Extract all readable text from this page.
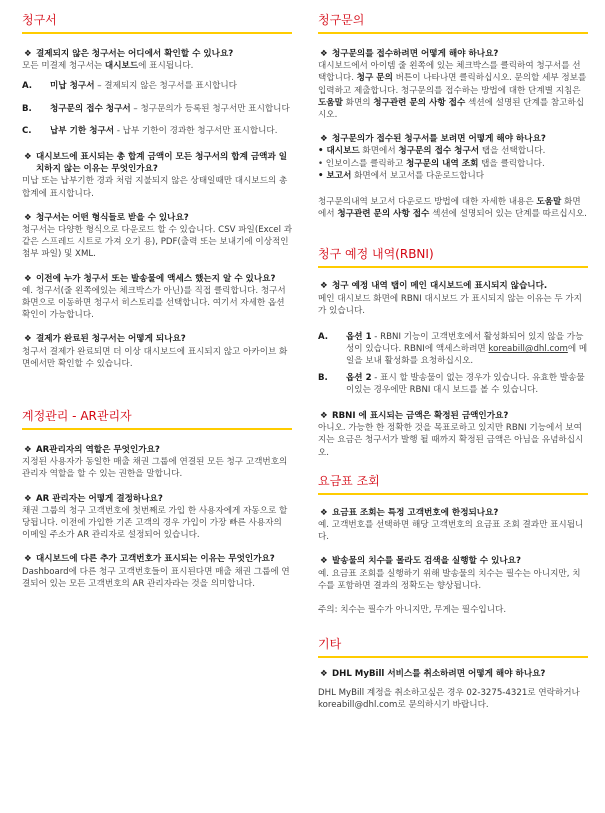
청구서
❖ 결제되지 않은 청구서는 어디에서 확인할 수 있나요?
모든 미결제 청구서는 대시보드에 표시됩니다.
A. 미납 청구서 – 결제되지 않은 청구서를 표시합니다
B. 청구문의 접수 청구서 – 청구문의가 등록된 청구서만 표시합니다
C. 납부 기한 청구서 - 납부 기한이 경과한 청구서만 표시합니다.
❖ 대시보드에 표시되는 총 합계 금액이 모든 청구서의 합계 금액과 일치하지 않는 이유는 무엇인가요?
미납 또는 납부기한 경과 처럼 지불되지 않은 상태일때만 대시보드의 총 합계에 표시합니다.
❖ 청구서는 어떤 형식들로 받을 수 있나요?
청구서는 다양한 형식으로 다운로드 할 수 있습니다. CSV 파일(Excel 과 같은 스프레드 시트로 가져 오기 용), PDF(출력 또는 보내기에 이상적인 첨부 파일) 및 XML.
❖ 이전에 누가 청구서 또는 발송물에 액세스 했는지 알 수 있나요?
예. 청구서(줄 왼쪽에있는 체크박스가 아닌)를 직접 클릭합니다. 청구서 화면으로 이동하면 청구서 히스토리를 선택합니다. 여기서 자세한 옵션 확인이 가능합니다.
❖ 결제가 완료된 청구서는 어떻게 되나요?
청구서 결제가 완료되면 더 이상 대시보드에 표시되지 않고 아카이브 화면에서만 확인할 수 있습니다.
계정관리 - AR관리자
❖ AR관리자의 역할은 무엇인가요?
지정된 사용자가 동일한 매출 채권 그룹에 연결된 모든 청구 고객번호의 관리자 역할을 할 수 있는 권한을 말합니다.
❖ AR 관리자는 어떻게 결정하나요?
채권 그룹의 청구 고객번호에 첫번째로 가입 한 사용자에게 자동으로 할당됩니다. 이전에 가입한 기존 고객의 경우 가입이 가장 빠른 사용자의 이메일 주소가 AR 관리자로 설정되어 있습니다.
❖ 대시보드에 다른 추가 고객번호가 표시되는 이유는 무엇인가요?
Dashboard에 다른 청구 고객번호들이 표시된다면 매출 채권 그룹에 연결되어 있는 모든 고객번호의 AR 관리자라는 것을 의미합니다.
청구문의
❖ 청구문의를 접수하려면 어떻게 해야 하나요?
대시보드에서 아이템 줄 왼쪽에 있는 체크박스를 클릭하여 청구서를 선택합니다. 청구 문의 버튼이 나타나면 클릭하십시오. 문의할 세부 정보를 입력하고 제출합니다. 청구문의를 접수하는 방법에 대한 단계별 지침은 도움말 화면의 청구관련 문의 사항 접수 섹션에 설명된 단계를 참고하십시오.
❖ 청구문의가 접수된 청구서를 보려면 어떻게 해야 하나요?
• 대시보드 화면에서 청구문의 접수 청구서 탭을 선택합니다.
• 인보이스를 클릭하고 청구문의 내역 조회 탭을 클릭합니다.
• 보고서 화면에서 보고서를 다운로드합니다
청구문의내역 보고서 다운로드 방법에 대한 자세한 내용은 도움말 화면에서 청구관련 문의 사항 접수 섹션에 설명되어 있는 단계를 따르십시오.
청구 예정 내역(RBNI)
❖ 청구 예정 내역 탭이 메인 대시보드에 표시되지 않습니다.
메인 대시보드 화면에 RBNI 대시보드 가 표시되지 않는 이유는 두 가지가 있습니다.
A. 옵션 1 - RBNI 기능이 고객번호에서 활성화되어 있지 않을 가능성이 있습니다. RBNI에 액세스하려면 koreabill@dhl.com에 메일을 보내 활성화를 요청하십시오.
B. 옵션 2 - 표시 할 발송물이 없는 경우가 있습니다. 유효한 발송물이있는 경우에만 RBNI 대시 보드를 볼 수 있습니다.
❖ RBNI 에 표시되는 금액은 확정된 금액인가요?
아니오. 가능한 한 정확한 것을 목표로하고 있지만 RBNI 기능에서 보여지는 요금은 청구서가 발행 될 때까지 확정된 금액은 아님을 유념하십시오.
요금표 조회
❖ 요금표 조회는 특정 고객번호에 한정되나요?
예. 고객번호를 선택하면 해당 고객번호의 요금표 조회 결과만 표시됩니다.
❖ 발송물의 치수를 몰라도 검색을 실행할 수 있나요?
예. 요금표 조회를 실행하기 위해 발송물의 치수는 필수는 아니지만, 치수를 포함하면 결과의 정확도는 향상됩니다.
주의: 치수는 필수가 아니지만, 무게는 필수입니다.
기타
❖ DHL MyBill 서비스를 취소하려면 어떻게 해야 하나요?
DHL MyBill 계정을 취소하고싶은 경우 02-3275-4321로 연락하거나 koreabill@dhl.com로 문의하시기 바랍니다.
